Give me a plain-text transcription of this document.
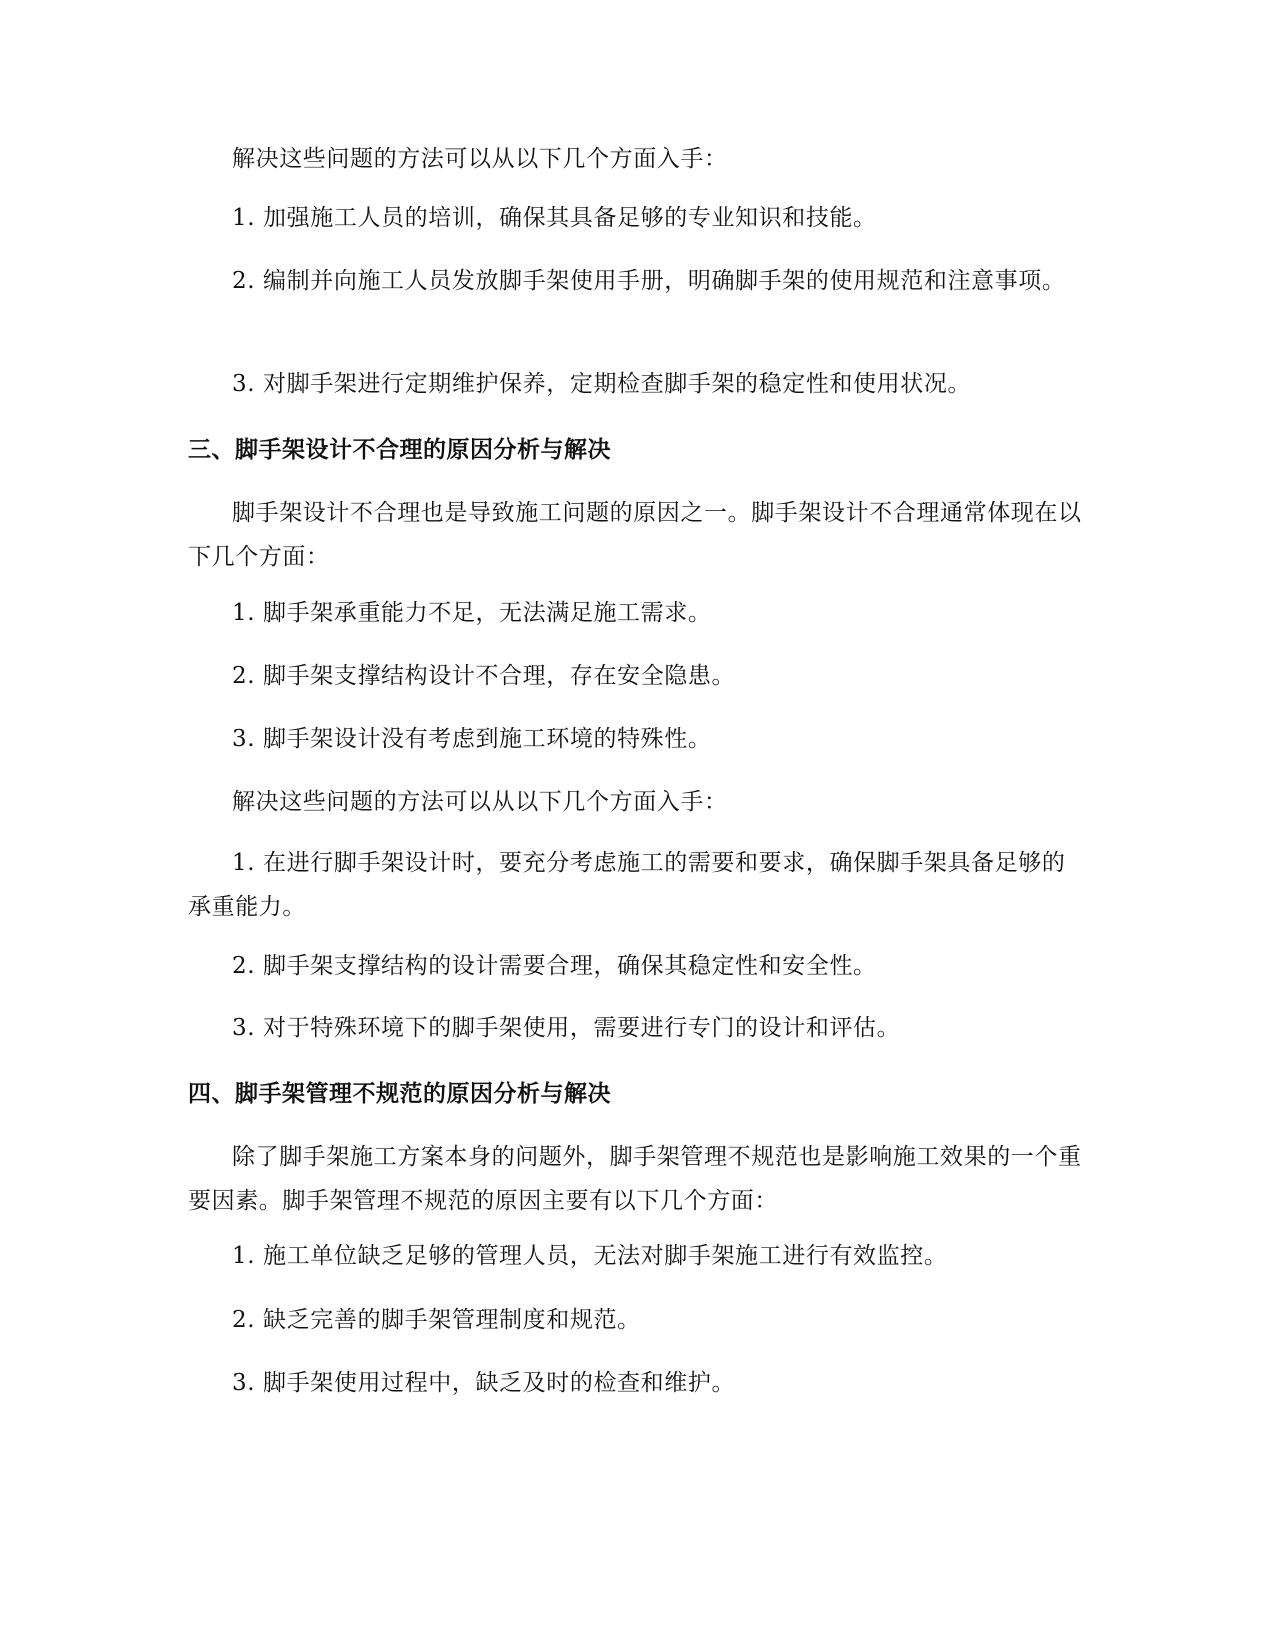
解决这些问题的方法可以从以下几个方面入手：

1. 加强施工人员的培训，确保其具备足够的专业知识和技能。

2. 编制并向施工人员发放脚手架使用手册，明确脚手架的使用规范和注意事项。

3. 对脚手架进行定期维护保养，定期检查脚手架的稳定性和使用状况。

三、脚手架设计不合理的原因分析与解决

脚手架设计不合理也是导致施工问题的原因之一。脚手架设计不合理通常体现在以下几个方面：

1. 脚手架承重能力不足，无法满足施工需求。

2. 脚手架支撑结构设计不合理，存在安全隐患。

3. 脚手架设计没有考虑到施工环境的特殊性。

解决这些问题的方法可以从以下几个方面入手：

1. 在进行脚手架设计时，要充分考虑施工的需要和要求，确保脚手架具备足够的承重能力。

2. 脚手架支撑结构的设计需要合理，确保其稳定性和安全性。

3. 对于特殊环境下的脚手架使用，需要进行专门的设计和评估。

四、脚手架管理不规范的原因分析与解决

除了脚手架施工方案本身的问题外，脚手架管理不规范也是影响施工效果的一个重要因素。脚手架管理不规范的原因主要有以下几个方面：

1. 施工单位缺乏足够的管理人员，无法对脚手架施工进行有效监控。

2. 缺乏完善的脚手架管理制度和规范。

3. 脚手架使用过程中，缺乏及时的检查和维护。
